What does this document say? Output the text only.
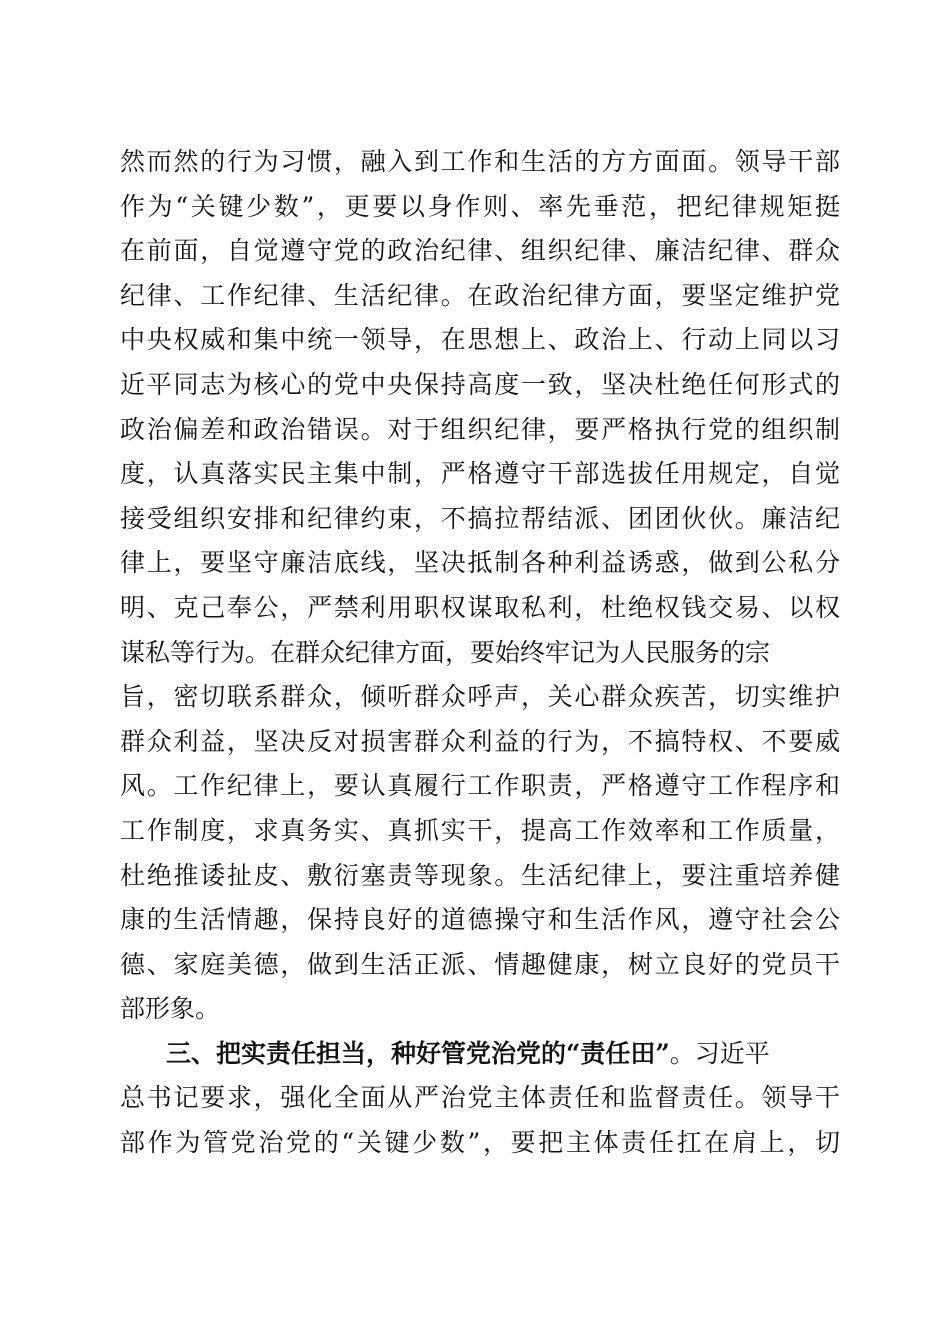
然而然的行为习惯，融入到工作和生活的方方面面。领导干部
作为“关键少数”，更要以身作则、率先垂范，把纪律规矩挺
在前面，自觉遵守党的政治纪律、组织纪律、廉洁纪律、群众
纪律、工作纪律、生活纪律。在政治纪律方面，要坚定维护党
中央权威和集中统一领导，在思想上、政治上、行动上同以习
近平同志为核心的党中央保持高度一致，坚决杜绝任何形式的
政治偏差和政治错误。对于组织纪律，要严格执行党的组织制
度，认真落实民主集中制，严格遵守干部选拔任用规定，自觉
接受组织安排和纪律约束，不搞拉帮结派、团团伙伙。廉洁纪
律上，要坚守廉洁底线，坚决抵制各种利益诱惑，做到公私分
明、克己奉公，严禁利用职权谋取私利，杜绝权钱交易、以权
谋私等行为。在群众纪律方面，要始终牢记为人民服务的宗
旨，密切联系群众，倾听群众呼声，关心群众疾苦，切实维护
群众利益，坚决反对损害群众利益的行为，不搞特权、不要威
风。工作纪律上，要认真履行工作职责，严格遵守工作程序和
工作制度，求真务实、真抓实干，提高工作效率和工作质量，
杜绝推诿扯皮、敷衍塞责等现象。生活纪律上，要注重培养健
康的生活情趣，保持良好的道德操守和生活作风，遵守社会公
德、家庭美德，做到生活正派、情趣健康，树立良好的党员干
部形象。
三、把实责任担当，种好管党治党的“责任田”。习近平
总书记要求，强化全面从严治党主体责任和监督责任。领导干
部作为管党治党的“关键少数”，要把主体责任扛在肩上，切
